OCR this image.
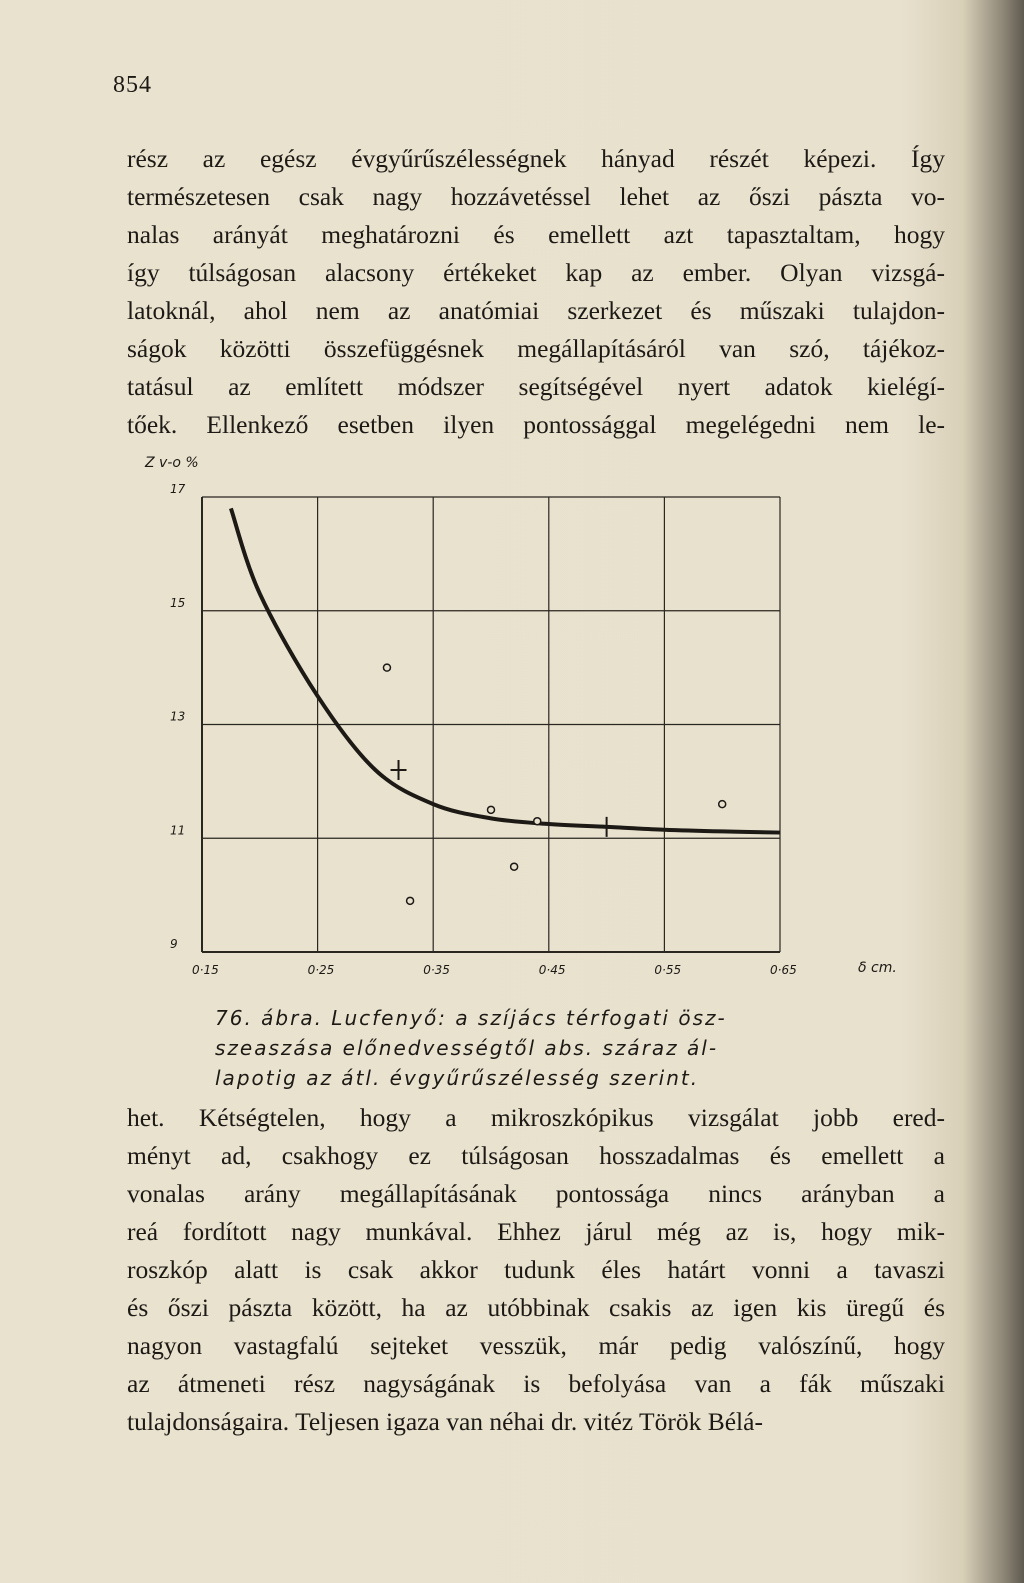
854
rész az egész évgyűrűszélességnek hányad részét képezi. Így
természetesen csak nagy hozzávetéssel lehet az őszi pászta vo-
nalas arányát meghatározni és emellett azt tapasztaltam, hogy
így túlságosan alacsony értékeket kap az ember. Olyan vizsgá-
latoknál, ahol nem az anatómiai szerkezet és műszaki tulajdon-
ságok közötti összefüggésnek megállapításáról van szó, tájékoz-
tatásul az említett módszer segítségével nyert adatok kielégí-
tőek. Ellenkező esetben ilyen pontossággal megelégedni nem le-
9
11
13
15
17
0·15	0·25	0·35	0·45	0·55	0·65
Z v-o %
δ cm.
76. ábra. Lucfenyő: a szíjács térfogati ösz-
szeaszása előnedvességtől abs. száraz ál-
lapotig az átl. évgyűrűszélesség szerint.
het. Kétségtelen, hogy a mikroszkópikus vizsgálat jobb ered-
ményt ad, csakhogy ez túlságosan hosszadalmas és emellett a
vonalas arány megállapításának pontossága nincs arányban a
reá fordított nagy munkával. Ehhez járul még az is, hogy mik-
roszkóp alatt is csak akkor tudunk éles határt vonni a tavaszi
és őszi pászta között, ha az utóbbinak csakis az igen kis üregű és
nagyon vastagfalú sejteket vesszük, már pedig valószínű, hogy
az átmeneti rész nagyságának is befolyása van a fák műszaki
tulajdonságaira. Teljesen igaza van néhai dr. vitéz Török Bélá-
